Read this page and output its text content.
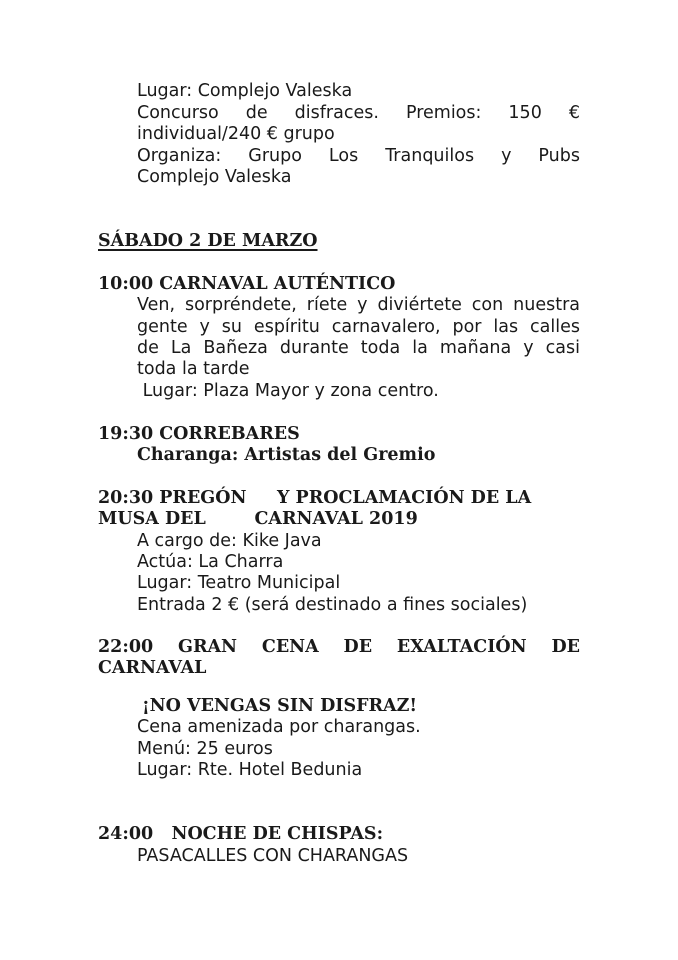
Lugar: Complejo Valeska
Concurso de disfraces. Premios: 150 €
individual/240 € grupo
Organiza: Grupo Los Tranquilos y Pubs
Complejo Valeska
SÁBADO 2 DE MARZO
10:00 CARNAVAL AUTÉNTICO
Ven, sorpréndete, ríete y diviértete con nuestra
gente y su espíritu carnavalero, por las calles
de La Bañeza durante toda la mañana y casi
toda la tarde
Lugar: Plaza Mayor y zona centro.
19:30 CORREBARES
Charanga: Artistas del Gremio
20:30 PREGÓN     Y PROCLAMACIÓN DE LA
MUSA DEL        CARNAVAL 2019
A cargo de: Kike Java
Actúa: La Charra
Lugar: Teatro Municipal
Entrada 2 € (será destinado a fines sociales)
22:00 GRAN CENA DE EXALTACIÓN DE
CARNAVAL
¡NO VENGAS SIN DISFRAZ!
Cena amenizada por charangas.
Menú: 25 euros
Lugar: Rte. Hotel Bedunia
24:00   NOCHE DE CHISPAS:
PASACALLES CON CHARANGAS
